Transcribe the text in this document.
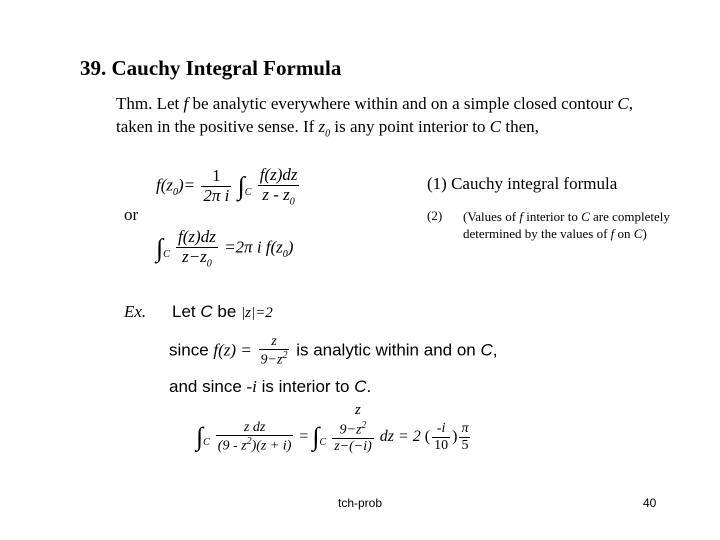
39. Cauchy Integral Formula
Thm. Let f be analytic everywhere within and on a simple closed contour C, taken in the positive sense. If $z_0$ is any point interior to C then,
$f(z_0)= \frac{1}{\text{2π i}} \int_C \frac{f(z)dz}{z - z_0}$
or
$\int_C \frac{f(z)dz}{z-z_0} =2\pi$ i $f(z_0)$
(1) Cauchy integral formula
(2) (Values of f interior to C are completely determined by the values of f on C)
Ex. Let C be |z|=2
since $f(z) = \frac{z}{9-z^2}$ is analytic within and on C,
and since -i is interior to C.
z
$\int_C \frac{\text{z dz}}{(9 - z^2)(z + i)} = \int_C \frac{9-z^2}{z-(-i)}$ dz = 2 ( $\frac{-i}{10}$ ) $\frac{\pi}{5}$
tch-prob	40
